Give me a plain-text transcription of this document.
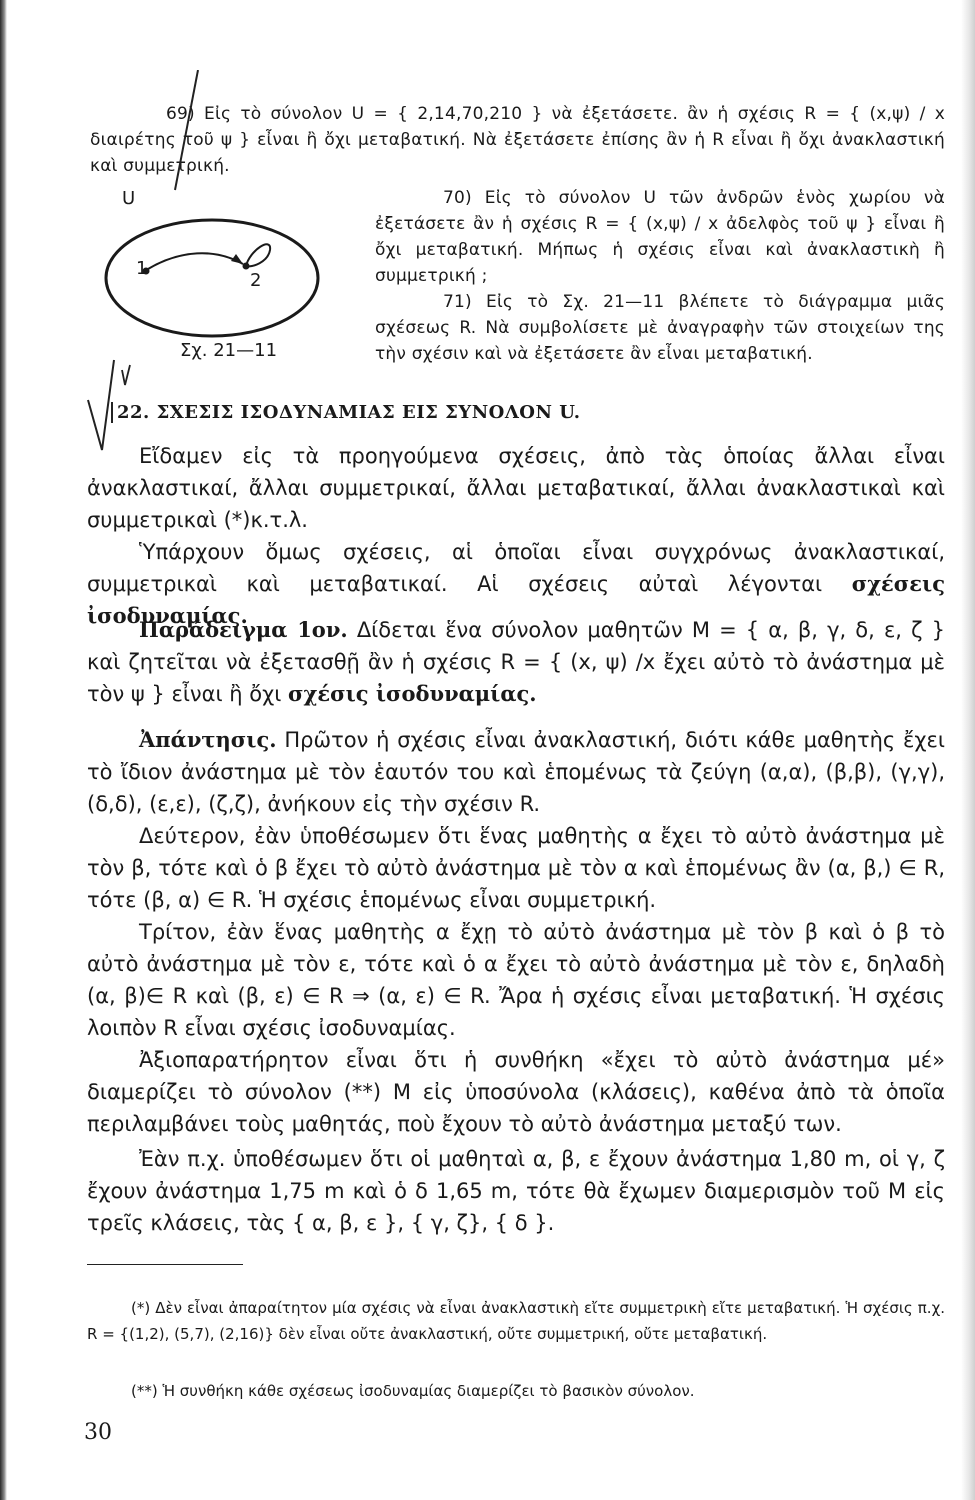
69) Εἰς τὸ σύνολον U = { 2,14,70,210 } νὰ ἐξετάσετε. ἂν ἡ σχέσις R = { (x,ψ) / x διαιρέτης τοῦ ψ } εἶναι ἢ ὄχι μεταβατική. Νὰ ἐξετάσετε ἐπίσης ἂν ἡ R εἶναι ἢ ὄχι ἀνακλαστική καὶ συμμετρική.

U
1
2
Σχ. 21—11

70) Εἰς τὸ σύνολον U τῶν ἀνδρῶν ἑνὸς χωρίου νὰ ἐξετάσετε ἂν ἡ σχέσις R = { (x,ψ) / x ἀδελφὸς τοῦ ψ } εἶναι ἢ ὄχι μεταβατική. Μήπως ἡ σχέσις εἶναι καὶ ἀνακλαστικὴ ἢ συμμετρική ;

71) Εἰς τὸ Σχ. 21—11 βλέπετε τὸ διάγραμμα μιᾶς σχέσεως R. Νὰ συμβολίσετε μὲ ἀναγραφὴν τῶν στοιχείων της τὴν σχέσιν καὶ νὰ ἐξετάσετε ἂν εἶναι μεταβατική.

22. ΣΧΕΣΙΣ ΙΣΟΔΥΝΑΜΙΑΣ ΕΙΣ ΣΥΝΟΛΟΝ U.

Εἴδαμεν εἰς τὰ προηγούμενα σχέσεις, ἀπὸ τὰς ὁποίας ἄλλαι εἶναι ἀνακλαστικαί, ἄλλαι συμμετρικαί, ἄλλαι μεταβατικαί, ἄλλαι ἀνακλαστικαὶ καὶ συμμετρικαὶ (*)κ.τ.λ.

Ὑπάρχουν ὅμως σχέσεις, αἱ ὁποῖαι εἶναι συγχρόνως ἀνακλαστικαί, συμμετρικαὶ καὶ μεταβατικαί. Αἱ σχέσεις αὐταὶ λέγονται σχέσεις ἰσοδυναμίας.

Παράδειγμα 1ον. Δίδεται ἕνα σύνολον μαθητῶν Μ = { α, β, γ, δ, ε, ζ } καὶ ζητεῖται νὰ ἐξετασθῇ ἂν ἡ σχέσις R = { (x, ψ) /x ἔχει αὐτὸ τὸ ἀνάστημα μὲ τὸν ψ } εἶναι ἢ ὄχι σχέσις ἰσοδυναμίας.

Ἀπάντησις. Πρῶτον ἡ σχέσις εἶναι ἀνακλαστική, διότι κάθε μαθητὴς ἔχει τὸ ἴδιον ἀνάστημα μὲ τὸν ἑαυτόν του καὶ ἑπομένως τὰ ζεύγη (α,α), (β,β), (γ,γ), (δ,δ), (ε,ε), (ζ,ζ), ἀνήκουν εἰς τὴν σχέσιν R.

Δεύτερον, ἐὰν ὑποθέσωμεν ὅτι ἕνας μαθητὴς α ἔχει τὸ αὐτὸ ἀνάστημα μὲ τὸν β, τότε καὶ ὁ β ἔχει τὸ αὐτὸ ἀνάστημα μὲ τὸν α καὶ ἑπομένως ἂν (α, β,) ∈ R, τότε (β, α) ∈ R. Ἡ σχέσις ἑπομένως εἶναι συμμετρική.

Τρίτον, ἐὰν ἕνας μαθητὴς α ἔχῃ τὸ αὐτὸ ἀνάστημα μὲ τὸν β καὶ ὁ β τὸ αὐτὸ ἀνάστημα μὲ τὸν ε, τότε καὶ ὁ α ἔχει τὸ αὐτὸ ἀνάστημα μὲ τὸν ε, δηλαδὴ (α, β)∈ R καὶ (β, ε) ∈ R ⇒ (α, ε) ∈ R. Ἄρα ἡ σχέσις εἶναι μεταβατική. Ἡ σχέσις λοιπὸν R εἶναι σχέσις ἰσοδυναμίας.

Ἀξιοπαρατήρητον εἶναι ὅτι ἡ συνθήκη «ἔχει τὸ αὐτὸ ἀνάστημα μέ» διαμερίζει τὸ σύνολον (**) Μ εἰς ὑποσύνολα (κλάσεις), καθένα ἀπὸ τὰ ὁποῖα περιλαμβάνει τοὺς μαθητάς, ποὺ ἔχουν τὸ αὐτὸ ἀνάστημα μεταξύ των.

Ἐὰν π.χ. ὑποθέσωμεν ὅτι οἱ μαθηταὶ α, β, ε ἔχουν ἀνάστημα 1,80 m, οἱ γ, ζ ἔχουν ἀνάστημα 1,75 m καὶ ὁ δ 1,65 m, τότε θὰ ἔχωμεν διαμερισμὸν τοῦ Μ εἰς τρεῖς κλάσεις, τὰς { α, β, ε }, { γ, ζ}, { δ }.

(*) Δὲν εἶναι ἀπαραίτητον μία σχέσις νὰ εἶναι ἀνακλαστικὴ εἴτε συμμετρικὴ εἴτε μεταβατική. Ἡ σχέσις π.χ. R = {(1,2), (5,7), (2,16)} δὲν εἶναι οὔτε ἀνακλαστική, οὔτε συμμετρική, οὔτε μεταβατική.

(**) Ἡ συνθήκη κάθε σχέσεως ἰσοδυναμίας διαμερίζει τὸ βασικὸν σύνολον.

30
